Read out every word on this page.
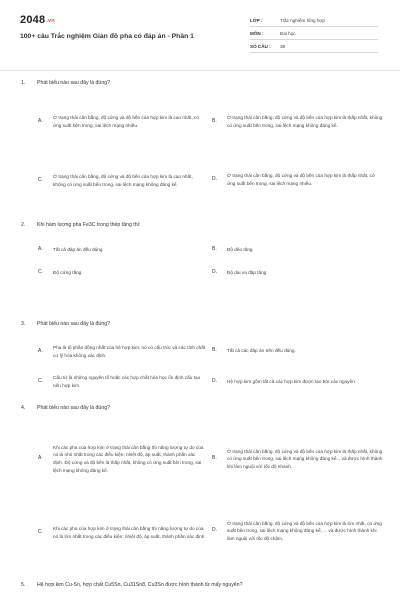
2048.vn
100+ câu Trắc nghiệm Giản đồ pha có đáp án - Phần 1
LỚP :	Trắc nghiệm tổng hợp
MÔN :	Đại học
SỐ CÂU :	38
1. Phát biểu nào sau đây là đúng?
A.
Ở trạng thái cân bằng, độ cứng và độ bền của hợp kim là cao nhất, có ứng suất bên trong, sai lệch mạng nhiều.
B.
Ở trạng thái cân bằng, độ cứng và độ bền của hợp kim là thấp nhất, không có ứng suất bên trong, sai lệch mạng không đáng kể.
C.
Ở trạng thái cân bằng, độ cứng và độ bền của hợp kim là cao nhất, không có ứng suất bên trong, sai lệch mạng không đáng kể.
D.
Ở trạng thái cân bằng, độ cứng và độ bền của hợp kim là thấp nhất, có ứng suất bên trong, sai lệch mạng nhiều.
2. Khi hàm lượng pha Fe3C trong thép tăng thì:
A.	Tất cả đáp án đều đúng	B.	Độ dẻo tăng
C.	Độ cứng tăng	D.	Độ dai va đập tăng
3. Phát biểu nào sau đây là đúng?
A.
Pha là tổ phần đồng nhất của hệ hợp kim, nó có cấu trúc và các tính chất cơ lý hóa không xác định.
B.	Tất cả các đáp án trên đều đúng.
C.
Cấu tử là những nguyên tố hoặc các hợp chất hóa học ổn định cấu tạo nên hợp kim.
D.	Hệ hợp kim gồm tất cả các hợp kim được tạo bởi các nguyên.
4. Phát biểu nào sau đây là đúng?
A.
Khi các pha của hợp kim ở trạng thái cân bằng thì năng lượng tự do của nó là nhỏ nhất trong các điều kiện: nhiệt độ, áp suất, thành phần xác định. Độ cứng và độ bền là thấp nhất, không có ứng suất bên trong, sai lệch mạng không đáng kể.
B.
Ở trạng thái cân bằng, độ cứng và độ bền của hợp kim là thấp nhất, không có ứng suất bên trong, sai lệch mạng không đáng kể... và được hình thành khi làm nguội với tốc độ nhanh.
C.
Khi các pha của hợp kim ở trạng thái cân bằng thì năng lượng tự do của nó là lớn nhất trong các điều kiện: nhiệt độ, áp suất, thành phần xác định.
D.
Ở trạng thái cân bằng, độ cứng và độ bền của hợp kim là lớn nhất, có ứng suất bên trong, sai lệch mạng không đáng kể, ... và được hình thành khi làm nguội với tốc độ chậm.
5. Hệ hợp kim Cu-Sn, hợp chất Cu5Sn, Cu31Sn8, Cu3Sn được hình thành từ mấy nguyên?
